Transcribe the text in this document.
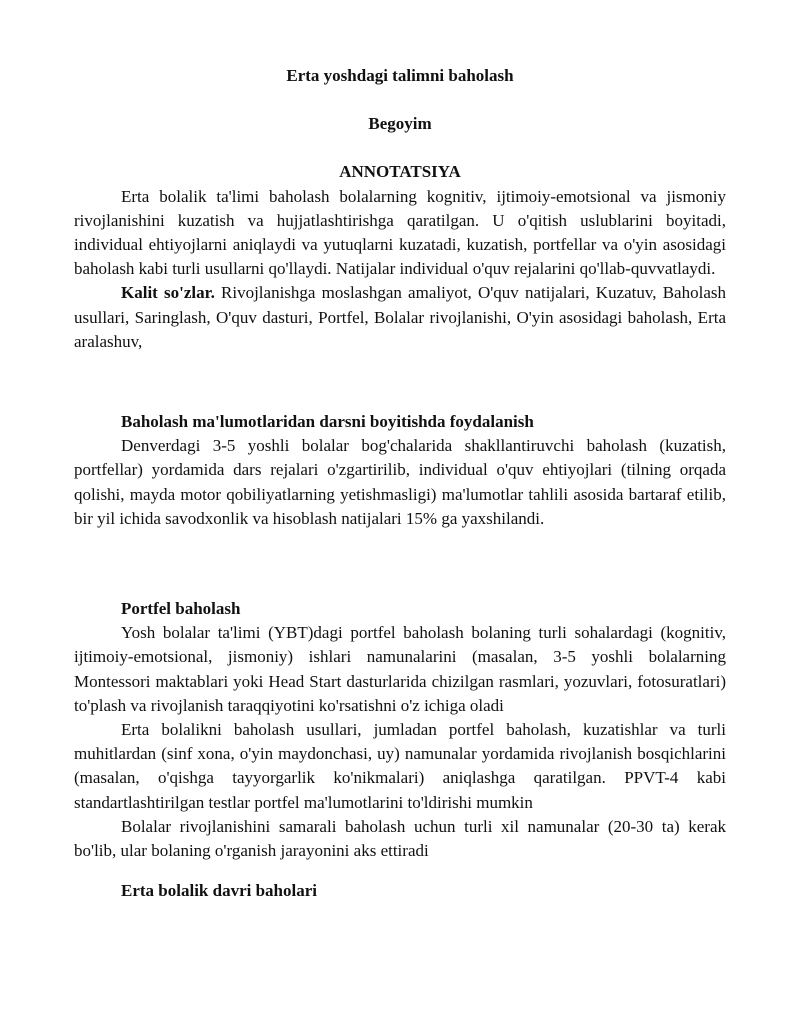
Erta yoshdagi talimni baholash

Begoyim

ANNOTATSIYA

Erta bolalik ta'limi baholash bolalarning kognitiv, ijtimoiy-emotsional va jismoniy rivojlanishini kuzatish va hujjatlashtirishga qaratilgan. U o'qitish uslublarini boyitadi, individual ehtiyojlarni aniqlaydi va yutuqlarni kuzatadi, kuzatish, portfellar va o'yin asosidagi baholash kabi turli usullarni qo'llaydi. Natijalar individual o'quv rejalarini qo'llab-quvvatlaydi.

Kalit so'zlar. Rivojlanishga moslashgan amaliyot, O'quv natijalari, Kuzatuv, Baholash usullari, Saringlash, O'quv dasturi, Portfel, Bolalar rivojlanishi, O'yin asosidagi baholash, Erta aralashuv,

Baholash ma'lumotlaridan darsni boyitishda foydalanish

Denverdagi 3-5 yoshli bolalar bog'chalarida shakllantiruvchi baholash (kuzatish, portfellar) yordamida dars rejalari o'zgartirilib, individual o'quv ehtiyojlari (tilning orqada qolishi, mayda motor qobiliyatlarning yetishmasligi) ma'lumotlar tahlili asosida bartaraf etilib, bir yil ichida savodxonlik va hisoblash natijalari 15% ga yaxshilandi.

Portfel baholash

Yosh bolalar ta'limi (YBT)dagi portfel baholash bolaning turli sohalardagi (kognitiv, ijtimoiy-emotsional, jismoniy) ishlari namunalarini (masalan, 3-5 yoshli bolalarning Montessori maktablari yoki Head Start dasturlarida chizilgan rasmlari, yozuvlari, fotosuratlari) to'plash va rivojlanish taraqqiyotini ko'rsatishni o'z ichiga oladi

Erta bolalikni baholash usullari, jumladan portfel baholash, kuzatishlar va turli muhitlardan (sinf xona, o'yin maydonchasi, uy) namunalar yordamida rivojlanish bosqichlarini (masalan, o'qishga tayyorgarlik ko'nikmalari) aniqlashga qaratilgan. PPVT-4 kabi standartlashtirilgan testlar portfel ma'lumotlarini to'ldirishi mumkin

Bolalar rivojlanishini samarali baholash uchun turli xil namunalar (20-30 ta) kerak bo'lib, ular bolaning o'rganish jarayonini aks ettiradi

Erta bolalik davri baholari
